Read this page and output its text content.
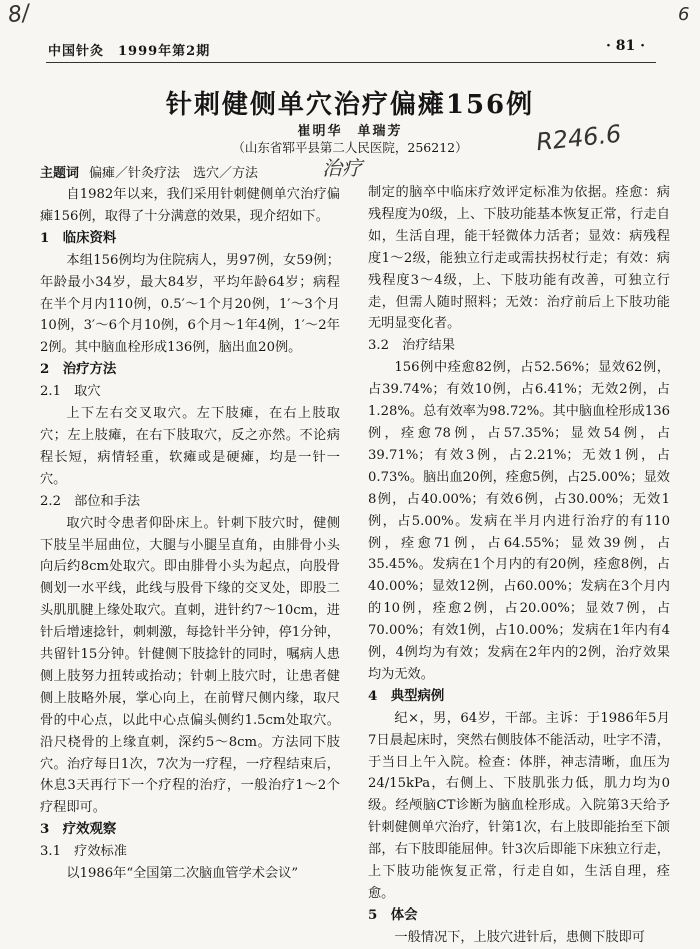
8/	6
R246.6
治疗
中国针灸　1999年第2期	· 81 ·
针刺健侧单穴治疗偏瘫156例
崔明华　单瑞芳
（山东省郓平县第二人民医院，256212）
主题词 偏瘫／针灸疗法　选穴／方法

自1982年以来，我们采用针刺健侧单穴治疗偏瘫156例，取得了十分满意的效果，现介绍如下。

1　临床资料

本组156例均为住院病人，男97例，女59例；年龄最小34岁，最大84岁，平均年龄64岁；病程在半个月内110例，0.5′～1个月20例，1′～3个月10例，3′～6个月10例，6个月～1年4例，1′～2年2例。其中脑血栓形成136例，脑出血20例。

2　治疗方法
2.1　取穴

上下左右交叉取穴。左下肢瘫，在右上肢取穴；左上肢瘫，在右下肢取穴，反之亦然。不论病程长短，病情轻重，软瘫或是硬瘫，均是一针一穴。

2.2　部位和手法

取穴时令患者仰卧床上。针刺下肢穴时，健侧下肢呈半屈曲位，大腿与小腿呈直角，由腓骨小头向后约8cm处取穴。即由腓骨小头为起点，向股骨侧划一水平线，此线与股骨下缘的交叉处，即股二头肌肌腱上缘处取穴。直刺，进针约7～10cm，进针后增速捻针，刺刺激，每捻针半分钟，停1分钟，共留针15分钟。针健侧下肢捻针的同时，嘱病人患侧上肢努力扭转或抬动；针刺上肢穴时，让患者健侧上肢略外展，掌心向上，在前臂尺侧内缘，取尺骨的中心点，以此中心点偏头侧约1.5cm处取穴。沿尺桡骨的上缘直刺，深约5～8cm。方法同下肢穴。治疗每日1次，7次为一疗程，一疗程结束后，休息3天再行下一个疗程的治疗，一般治疗1～2个疗程即可。

3　疗效观察
3.1　疗效标准

以1986年“全国第二次脑血管学术会议”

制定的脑卒中临床疗效评定标准为依据。痊愈：病残程度为0级，上、下肢功能基本恢复正常，行走自如，生活自理，能干轻微体力活者；显效：病残程度1～2级，能独立行走或需扶拐杖行走；有效：病残程度3～4级，上、下肢功能有改善，可独立行走，但需人随时照料；无效：治疗前后上下肢功能无明显变化者。

3.2　治疗结果

156例中痊愈82例，占52.56%；显效62例，占39.74%；有效10例，占6.41%；无效2例，占1.28%。总有效率为98.72%。其中脑血栓形成136例，痊愈78例，占57.35%；显效54例，占39.71%；有效3例，占2.21%；无效1例，占0.73%。脑出血20例，痊愈5例，占25.00%；显效8例，占40.00%；有效6例，占30.00%；无效1例，占5.00%。发病在半月内进行治疗的有110例，痊愈71例，占64.55%；显效39例，占35.45%。发病在1个月内的有20例，痊愈8例，占40.00%；显效12例，占60.00%；发病在3个月内的10例，痊愈2例，占20.00%；显效7例，占70.00%；有效1例，占10.00%；发病在1年内有4例，4例均为有效；发病在2年内的2例，治疗效果均为无效。

4　典型病例

纪×，男，64岁，干部。主诉：于1986年5月7日晨起床时，突然右侧肢体不能活动，吐字不清，于当日上午入院。检查：体胖，神志清晰，血压为24/15kPa，右侧上、下肢肌张力低，肌力均为0级。经颅脑CT诊断为脑血栓形成。入院第3天给予针刺健侧单穴治疗，针第1次，右上肢即能抬至下颌部，右下肢即能屈伸。针3次后即能下床独立行走，上下肢功能恢复正常，行走自如，生活自理，痊愈。

5　体会

一般情况下，上肢穴进针后，患侧下肢即可
